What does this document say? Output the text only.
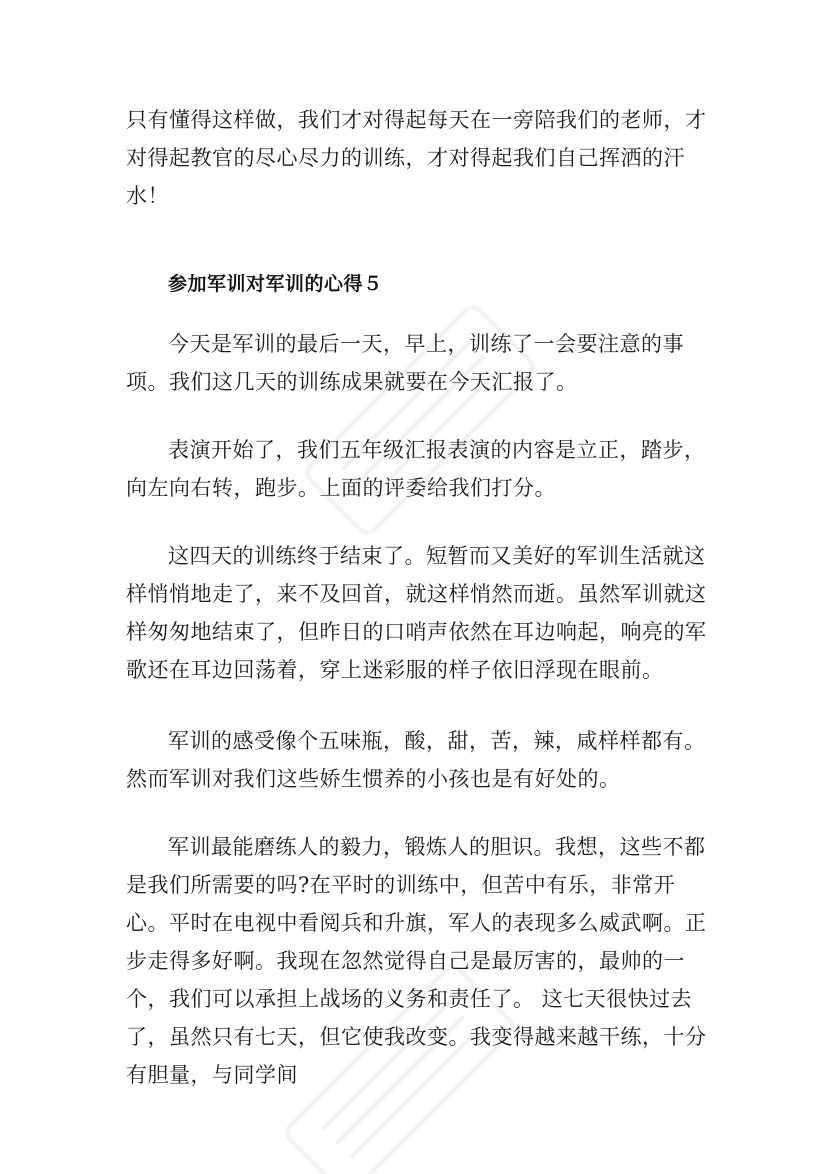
只有懂得这样做，我们才对得起每天在一旁陪我们的老师，才对得起教官的尽心尽力的训练，才对得起我们自己挥洒的汗水！

参加军训对军训的心得５

今天是军训的最后一天，早上，训练了一会要注意的事项。我们这几天的训练成果就要在今天汇报了。

表演开始了，我们五年级汇报表演的内容是立正，踏步，向左向右转，跑步。上面的评委给我们打分。

这四天的训练终于结束了。短暂而又美好的军训生活就这样悄悄地走了，来不及回首，就这样悄然而逝。虽然军训就这样匆匆地结束了，但昨日的口哨声依然在耳边响起，响亮的军歌还在耳边回荡着，穿上迷彩服的样子依旧浮现在眼前。

军训的感受像个五味瓶，酸，甜，苦，辣，咸样样都有。然而军训对我们这些娇生惯养的小孩也是有好处的。

军训最能磨练人的毅力，锻炼人的胆识。我想，这些不都是我们所需要的吗?在平时的训练中，但苦中有乐，非常开心。平时在电视中看阅兵和升旗，军人的表现多么威武啊。正步走得多好啊。我现在忽然觉得自己是最厉害的，最帅的一个，我们可以承担上战场的义务和责任了。 这七天很快过去了，虽然只有七天，但它使我改变。我变得越来越干练，十分有胆量，与同学间
